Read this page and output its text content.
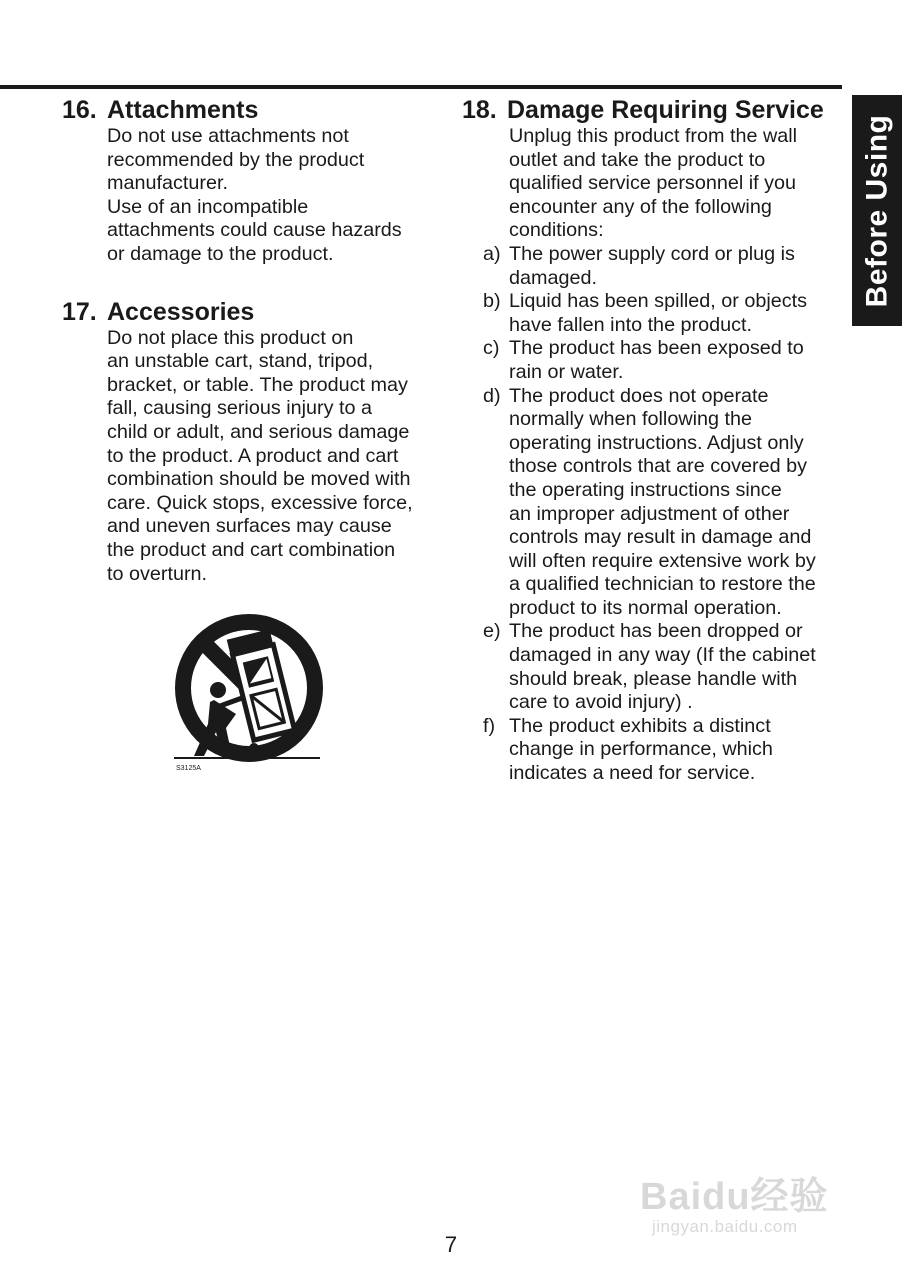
Before Using
16. Attachments
Do not use attachments not
recommended by the product
manufacturer.
Use of an incompatible
attachments could cause hazards
or damage to the product.
17. Accessories
Do not place this product on
an unstable cart, stand, tripod,
bracket, or table. The product may
fall, causing serious injury to a
child or adult, and serious damage
to the product. A product and cart
combination should be moved with
care. Quick stops, excessive force,
and uneven surfaces may cause
the product and cart combination
to overturn.
S3125A
18. Damage Requiring Service
Unplug this product from the wall
outlet and take the product to
qualified service personnel if you
encounter any of the following
conditions:
a) The power supply cord or plug is
damaged.
b) Liquid has been spilled, or objects
have fallen into the product.
c) The product has been exposed to
rain or water.
d) The product does not operate
normally when following the
operating instructions. Adjust only
those controls that are covered by
the operating instructions since
an improper adjustment of other
controls may result in damage and
will often require extensive work by
a qualified technician to restore the
product to its normal operation.
e) The product has been dropped or
damaged in any way (If the cabinet
should break, please handle with
care to avoid injury) .
f) The product exhibits a distinct
change in performance, which
indicates a need for service.
Baidu经验
jingyan.baidu.com
7
